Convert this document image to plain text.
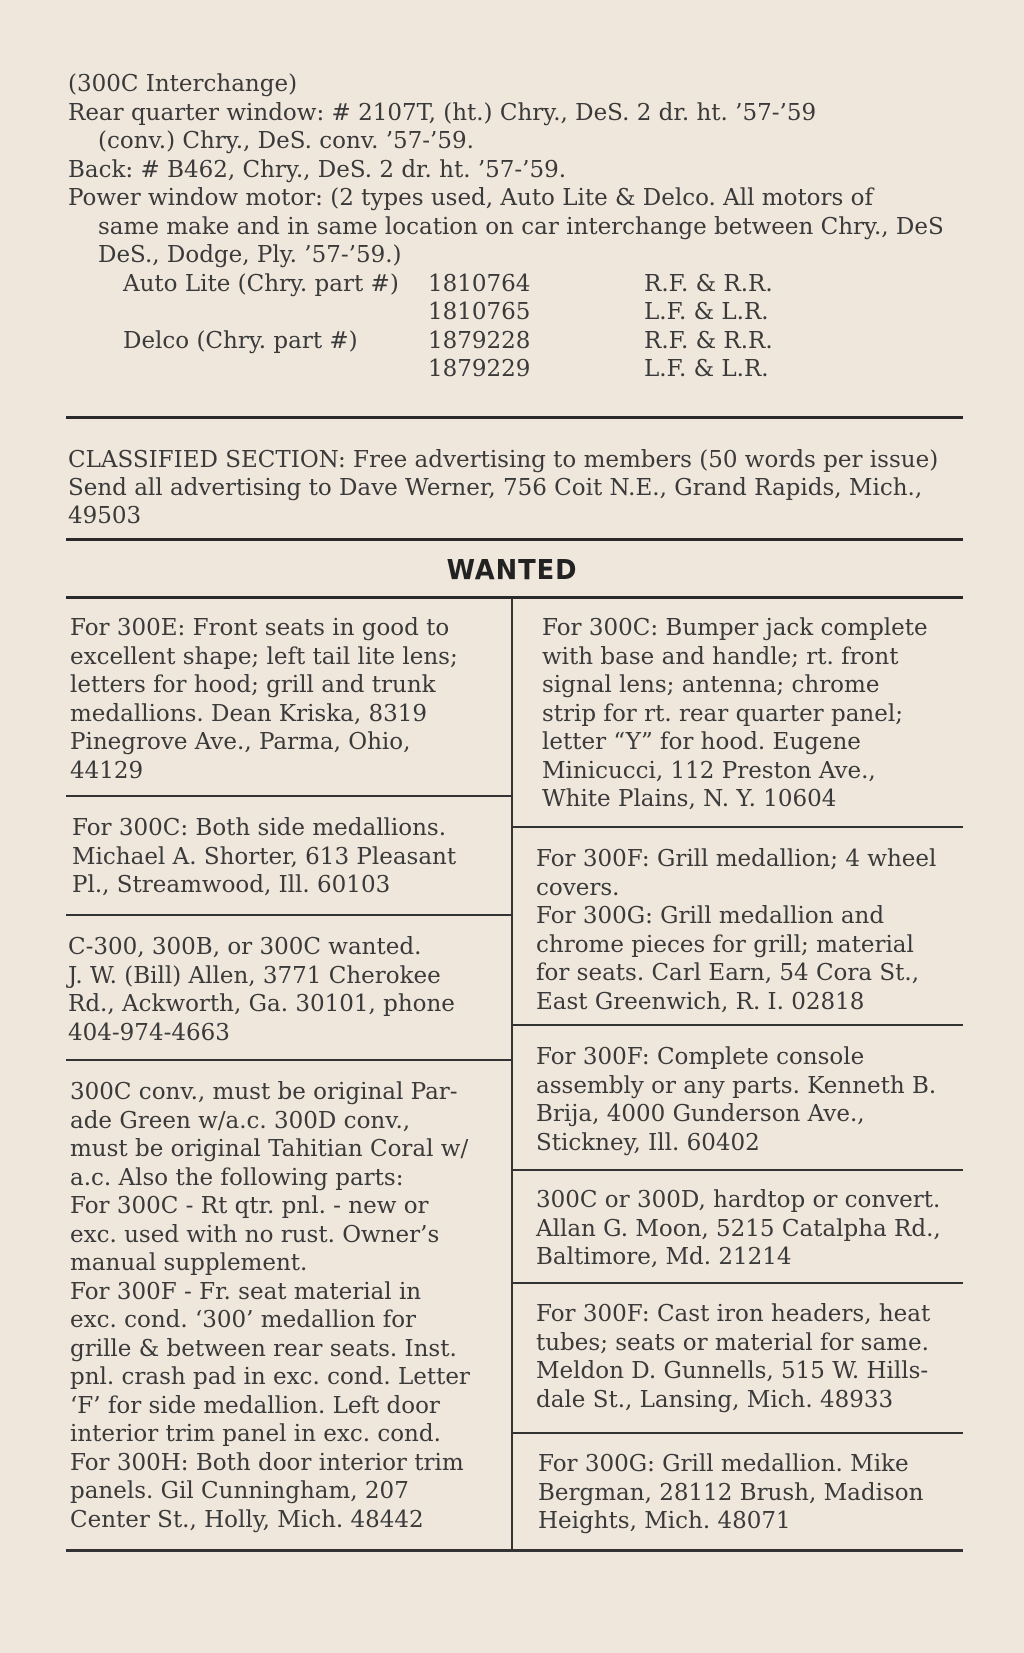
(300C Interchange)
Rear quarter window: # 2107T, (ht.) Chry., DeS. 2 dr. ht. ’57-’59
(conv.) Chry., DeS. conv. ’57-’59.
Back: # B462, Chry., DeS. 2 dr. ht. ’57-’59.
Power window motor: (2 types used, Auto Lite & Delco. All motors of
same make and in same location on car interchange between Chry., DeS
DeS., Dodge, Ply. ’57-’59.)
Auto Lite (Chry. part #)	1810764	R.F. & R.R.
1810765	L.F. & L.R.
Delco (Chry. part #)	1879228	R.F. & R.R.
1879229	L.F. & L.R.
CLASSIFIED SECTION: Free advertising to members (50 words per issue)
Send all advertising to Dave Werner, 756 Coit N.E., Grand Rapids, Mich.,
49503
WANTED
For 300E: Front seats in good to
excellent shape; left tail lite lens;
letters for hood; grill and trunk
medallions. Dean Kriska, 8319
Pinegrove Ave., Parma, Ohio,
44129
For 300C: Both side medallions.
Michael A. Shorter, 613 Pleasant
Pl., Streamwood, Ill. 60103
C-300, 300B, or 300C wanted.
J. W. (Bill) Allen, 3771 Cherokee
Rd., Ackworth, Ga. 30101, phone
404-974-4663
300C conv., must be original Par-
ade Green w/a.c. 300D conv.,
must be original Tahitian Coral w/
a.c. Also the following parts:
For 300C - Rt qtr. pnl. - new or
exc. used with no rust. Owner’s
manual supplement.
For 300F - Fr. seat material in
exc. cond. ‘300’ medallion for
grille & between rear seats. Inst.
pnl. crash pad in exc. cond. Letter
‘F’ for side medallion. Left door
interior trim panel in exc. cond.
For 300H: Both door interior trim
panels. Gil Cunningham, 207
Center St., Holly, Mich. 48442
For 300C: Bumper jack complete
with base and handle; rt. front
signal lens; antenna; chrome
strip for rt. rear quarter panel;
letter “Y” for hood. Eugene
Minicucci, 112 Preston Ave.,
White Plains, N. Y. 10604
For 300F: Grill medallion; 4 wheel
covers.
For 300G: Grill medallion and
chrome pieces for grill; material
for seats. Carl Earn, 54 Cora St.,
East Greenwich, R. I. 02818
For 300F: Complete console
assembly or any parts. Kenneth B.
Brija, 4000 Gunderson Ave.,
Stickney, Ill. 60402
300C or 300D, hardtop or convert.
Allan G. Moon, 5215 Catalpha Rd.,
Baltimore, Md. 21214
For 300F: Cast iron headers, heat
tubes; seats or material for same.
Meldon D. Gunnells, 515 W. Hills-
dale St., Lansing, Mich. 48933
For 300G: Grill medallion. Mike
Bergman, 28112 Brush, Madison
Heights, Mich. 48071
